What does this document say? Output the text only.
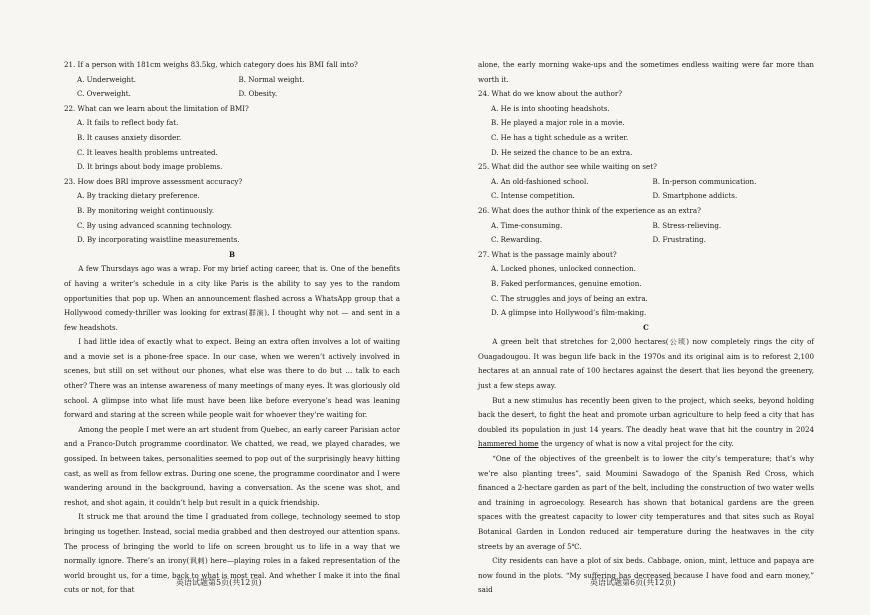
21. If a person with 181cm weighs 83.5kg, which category does his BMI fall into?

A. Underweight.	B. Normal weight.

C. Overweight.	D. Obesity.

22. What can we learn about the limitation of BMI?

A. It fails to reflect body fat.

B. It causes anxiety disorder.

C. It leaves health problems untreated.

D. It brings about body image problems.

23. How does BRI improve assessment accuracy?

A. By tracking dietary preference.

B. By monitoring weight continuously.

C. By using advanced scanning technology.

D. By incorporating waistline measurements.

B

A few Thursdays ago was a wrap. For my brief acting career, that is. One of the benefits of having a writer’s schedule in a city like Paris is the ability to say yes to the random opportunities that pop up. When an announcement flashed across a WhatsApp group that a Hollywood comedy-thriller was looking for extras(群演), I thought why not — and sent in a few headshots.

I had little idea of exactly what to expect. Being an extra often involves a lot of waiting and a movie set is a phone-free space. In our case, when we weren’t actively involved in scenes, but still on set without our phones, what else was there to do but … talk to each other? There was an intense awareness of many meetings of many eyes. It was gloriously old school. A glimpse into what life must have been like before everyone’s head was leaning forward and staring at the screen while people wait for whoever they’re waiting for.

Among the people I met were an art student from Quebec, an early career Parisian actor and a Franco-Dutch programme coordinator. We chatted, we read, we played charades, we gossiped. In between takes, personalities seemed to pop out of the surprisingly heavy hitting cast, as well as from fellow extras. During one scene, the programme coordinator and I were wandering around in the background, having a conversation. As the scene was shot, and reshot, and shot again, it couldn’t help but result in a quick friendship.

It struck me that around the time I graduated from college, technology seemed to stop bringing us together. Instead, social media grabbed and then destroyed our attention spans. The process of bringing the world to life on screen brought us to life in a way that we normally ignore. There’s an irony(讽刺) here—playing roles in a faked representation of the world brought us, for a time, back to what is most real. And whether I make it into the final cuts or not, for that

alone, the early morning wake-ups and the sometimes endless waiting were far more than worth it.

24. What do we know about the author?

A. He is into shooting headshots.

B. He played a major role in a movie.

C. He has a tight schedule as a writer.

D. He seized the chance to be an extra.

25. What did the author see while waiting on set?

A. An old-fashioned school.	B. In-person communication.

C. Intense competition.	D. Smartphone addicts.

26. What does the author think of the experience as an extra?

A. Time-consuming.	B. Stress-relieving.

C. Rewarding.	D. Frustrating.

27. What is the passage mainly about?

A. Locked phones, unlocked connection.

B. Faked performances, genuine emotion.

C. The struggles and joys of being an extra.

D. A glimpse into Hollywood’s film-making.

C

A green belt that stretches for 2,000 hectares(公顷) now completely rings the city of Ouagadougou. It was begun life back in the 1970s and its original aim is to reforest 2,100 hectares at an annual rate of 100 hectares against the desert that lies beyond the greenery, just a few steps away.

But a new stimulus has recently been given to the project, which seeks, beyond holding back the desert, to fight the heat and promote urban agriculture to help feed a city that has doubled its population in just 14 years. The deadly heat wave that hit the country in 2024 hammered home the urgency of what is now a vital project for the city.

“One of the objectives of the greenbelt is to lower the city’s temperature; that’s why we’re also planting trees”, said Moumini Sawadogo of the Spanish Red Cross, which financed a 2-hectare garden as part of the belt, including the construction of two water wells and training in agroecology. Research has shown that botanical gardens are the green spaces with the greatest capacity to lower city temperatures and that sites such as Royal Botanical Garden in London reduced air temperature during the heatwaves in the city streets by an average of 5℃.

City residents can have a plot of six beds. Cabbage, onion, mint, lettuce and papaya are now found in the plots. “My suffering has decreased because I have food and earn money,” said

英语试题第5页(共12页)	英语试题第6页(共12页)
